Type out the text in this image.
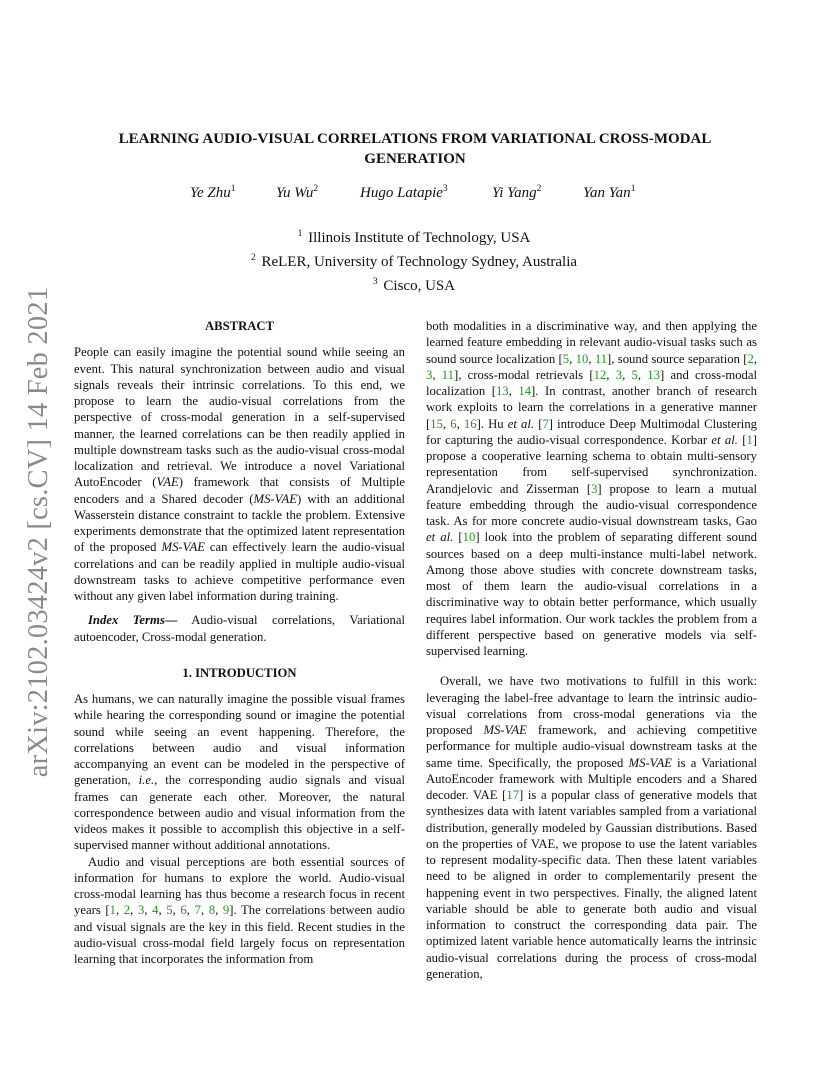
arXiv:2102.03424v2 [cs.CV] 14 Feb 2021
LEARNING AUDIO-VISUAL CORRELATIONS FROM VARIATIONAL CROSS-MODAL
GENERATION
Ye Zhu$^1$	Yu Wu$^2$	Hugo Latapie$^3$	Yi Yang$^2$	Yan Yan$^1$
$^1$ Illinois Institute of Technology, USA
$^2$ ReLER, University of Technology Sydney, Australia
$^3$ Cisco, USA
ABSTRACT

People can easily imagine the potential sound while seeing an event. This natural synchronization between audio and visual signals reveals their intrinsic correlations. To this end, we propose to learn the audio-visual correlations from the perspective of cross-modal generation in a self-supervised manner, the learned correlations can be then readily applied in multiple downstream tasks such as the audio-visual cross-modal localization and retrieval. We introduce a novel Variational AutoEncoder (VAE) framework that consists of Multiple encoders and a Shared decoder (MS-VAE) with an additional Wasserstein distance constraint to tackle the problem. Extensive experiments demonstrate that the optimized latent representation of the proposed MS-VAE can effectively learn the audio-visual correlations and can be readily applied in multiple audio-visual downstream tasks to achieve competitive performance even without any given label information during training.

Index Terms— Audio-visual correlations, Variational autoencoder, Cross-modal generation.

1. INTRODUCTION

As humans, we can naturally imagine the possible visual frames while hearing the corresponding sound or imagine the potential sound while seeing an event happening. Therefore, the correlations between audio and visual information accompanying an event can be modeled in the perspective of generation, i.e., the corresponding audio signals and visual frames can generate each other. Moreover, the natural correspondence between audio and visual information from the videos makes it possible to accomplish this objective in a self-supervised manner without additional annotations.

Audio and visual perceptions are both essential sources of information for humans to explore the world. Audio-visual cross-modal learning has thus become a research focus in recent years [1, 2, 3, 4, 5, 6, 7, 8, 9]. The correlations between audio and visual signals are the key in this field. Recent studies in the audio-visual cross-modal field largely focus on representation learning that incorporates the information from

both modalities in a discriminative way, and then applying the learned feature embedding in relevant audio-visual tasks such as sound source localization [5, 10, 11], sound source separation [2, 3, 11], cross-modal retrievals [12, 3, 5, 13] and cross-modal localization [13, 14]. In contrast, another branch of research work exploits to learn the correlations in a generative manner [15, 6, 16]. Hu et al. [7] introduce Deep Multimodal Clustering for capturing the audio-visual correspondence. Korbar et al. [1] propose a cooperative learning schema to obtain multi-sensory representation from self-supervised synchronization. Arandjelovic and Zisserman [3] propose to learn a mutual feature embedding through the audio-visual correspondence task. As for more concrete audio-visual downstream tasks, Gao et al. [10] look into the problem of separating different sound sources based on a deep multi-instance multi-label network. Among those above studies with concrete downstream tasks, most of them learn the audio-visual correlations in a discriminative way to obtain better performance, which usually requires label information. Our work tackles the problem from a different perspective based on generative models via self-supervised learning.

Overall, we have two motivations to fulfill in this work: leveraging the label-free advantage to learn the intrinsic audio-visual correlations from cross-modal generations via the proposed MS-VAE framework, and achieving competitive performance for multiple audio-visual downstream tasks at the same time. Specifically, the proposed MS-VAE is a Variational AutoEncoder framework with Multiple encoders and a Shared decoder. VAE [17] is a popular class of generative models that synthesizes data with latent variables sampled from a variational distribution, generally modeled by Gaussian distributions. Based on the properties of VAE, we propose to use the latent variables to represent modality-specific data. Then these latent variables need to be aligned in order to complementarily present the happening event in two perspectives. Finally, the aligned latent variable should be able to generate both audio and visual information to construct the corresponding data pair. The optimized latent variable hence automatically learns the intrinsic audio-visual correlations during the process of cross-modal generation,
